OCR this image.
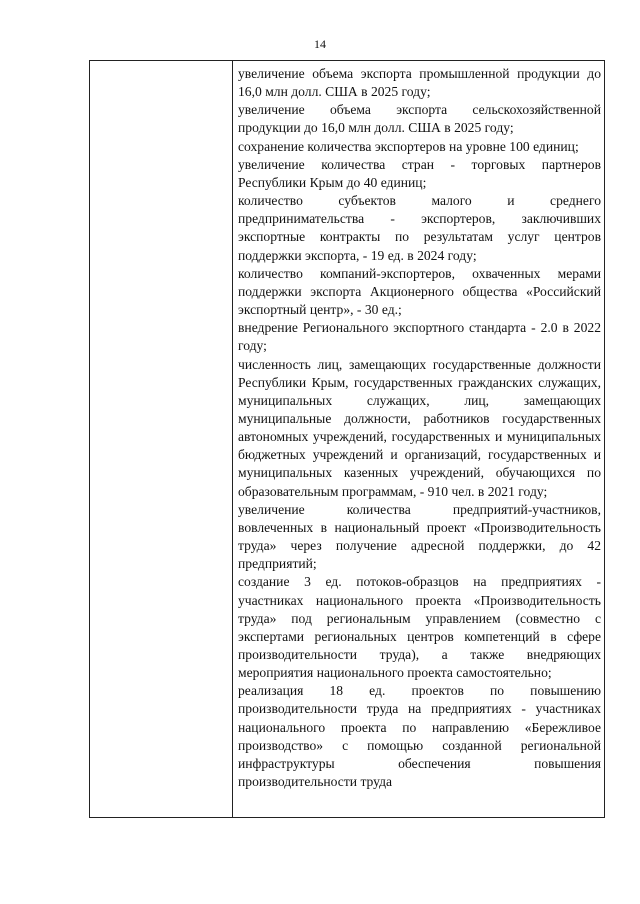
14

увеличение объема экспорта промышленной продукции до 16,0 млн долл. США в 2025 году;

увеличение объема экспорта сельскохозяйственной продукции до 16,0 млн долл. США в 2025 году;

сохранение количества экспортеров на уровне 100 единиц;

увеличение количества стран - торговых партнеров Республики Крым до 40 единиц;

количество субъектов малого и среднего предпринимательства - экспортеров, заключивших экспортные контракты по результатам услуг центров поддержки экспорта, - 19 ед. в 2024 году;

количество компаний-экспортеров, охваченных мерами поддержки экспорта Акционерного общества «Российский экспортный центр», - 30 ед.;

внедрение Регионального экспортного стандарта - 2.0 в 2022 году;

численность лиц, замещающих государственные должности Республики Крым, государственных гражданских служащих, муниципальных служащих, лиц, замещающих муниципальные должности, работников государственных автономных учреждений, государственных и муниципальных бюджетных учреждений и организаций, государственных и муниципальных казенных учреждений, обучающихся по образовательным программам, - 910 чел. в 2021 году;

увеличение количества предприятий-участников, вовлеченных в национальный проект «Производительность труда» через получение адресной поддержки, до 42 предприятий;

создание 3 ед. потоков-образцов на предприятиях - участниках национального проекта «Производительность труда» под региональным управлением (совместно с экспертами региональных центров компетенций в сфере производительности труда), а также внедряющих мероприятия национального проекта самостоятельно;

реализация 18 ед. проектов по повышению производительности труда на предприятиях - участниках национального проекта по направлению «Бережливое производство» с помощью созданной региональной инфраструктуры обеспечения повышения производительности труда
